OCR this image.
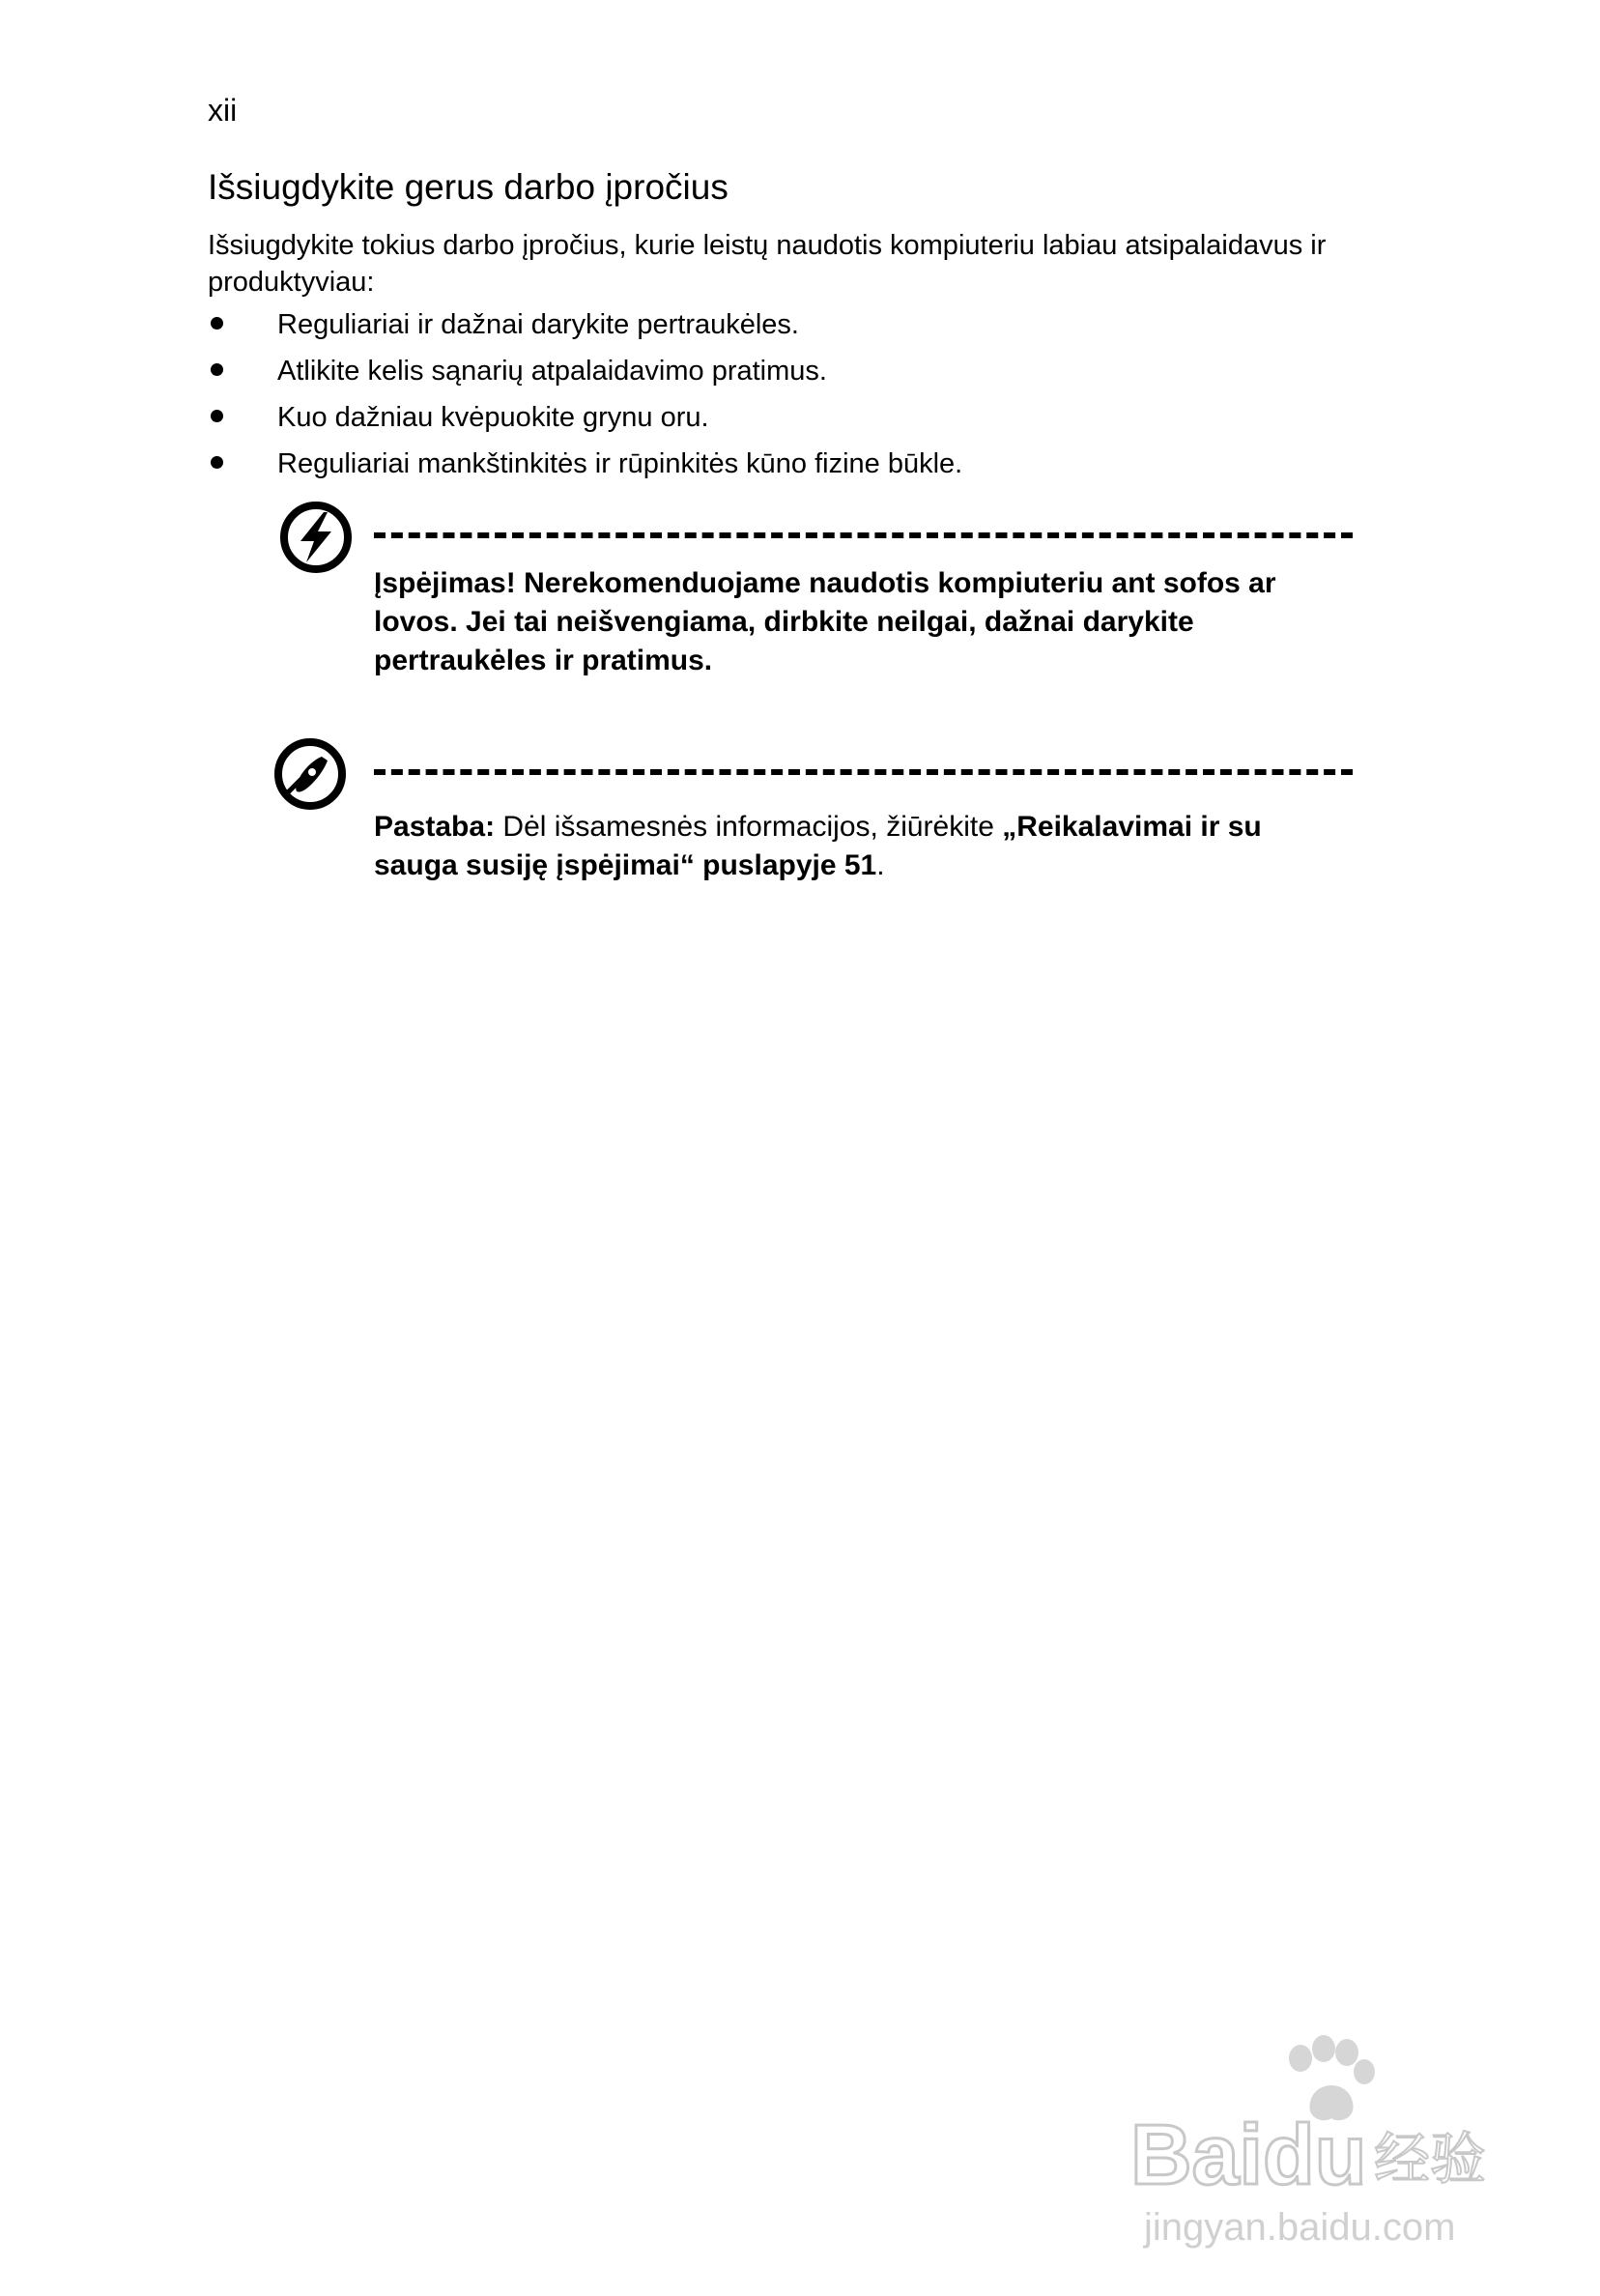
xii
Išsiugdykite gerus darbo įpročius

Išsiugdykite tokius darbo įpročius, kurie leistų naudotis kompiuteriu labiau atsipalaidavus ir produktyviau:

Reguliariai ir dažnai darykite pertraukėles.
Atlikite kelis sąnarių atpalaidavimo pratimus.
Kuo dažniau kvėpuokite grynu oru.
Reguliariai mankštinkitės ir rūpinkitės kūno fizine būkle.

Įspėjimas! Nerekomenduojame naudotis kompiuteriu ant sofos ar lovos. Jei tai neišvengiama, dirbkite neilgai, dažnai darykite pertraukėles ir pratimus.

Pastaba: Dėl išsamesnės informacijos, žiūrėkite „Reikalavimai ir su sauga susiję įspėjimai“ puslapyje 51.

Baidu 经验
jingyan.baidu.com
